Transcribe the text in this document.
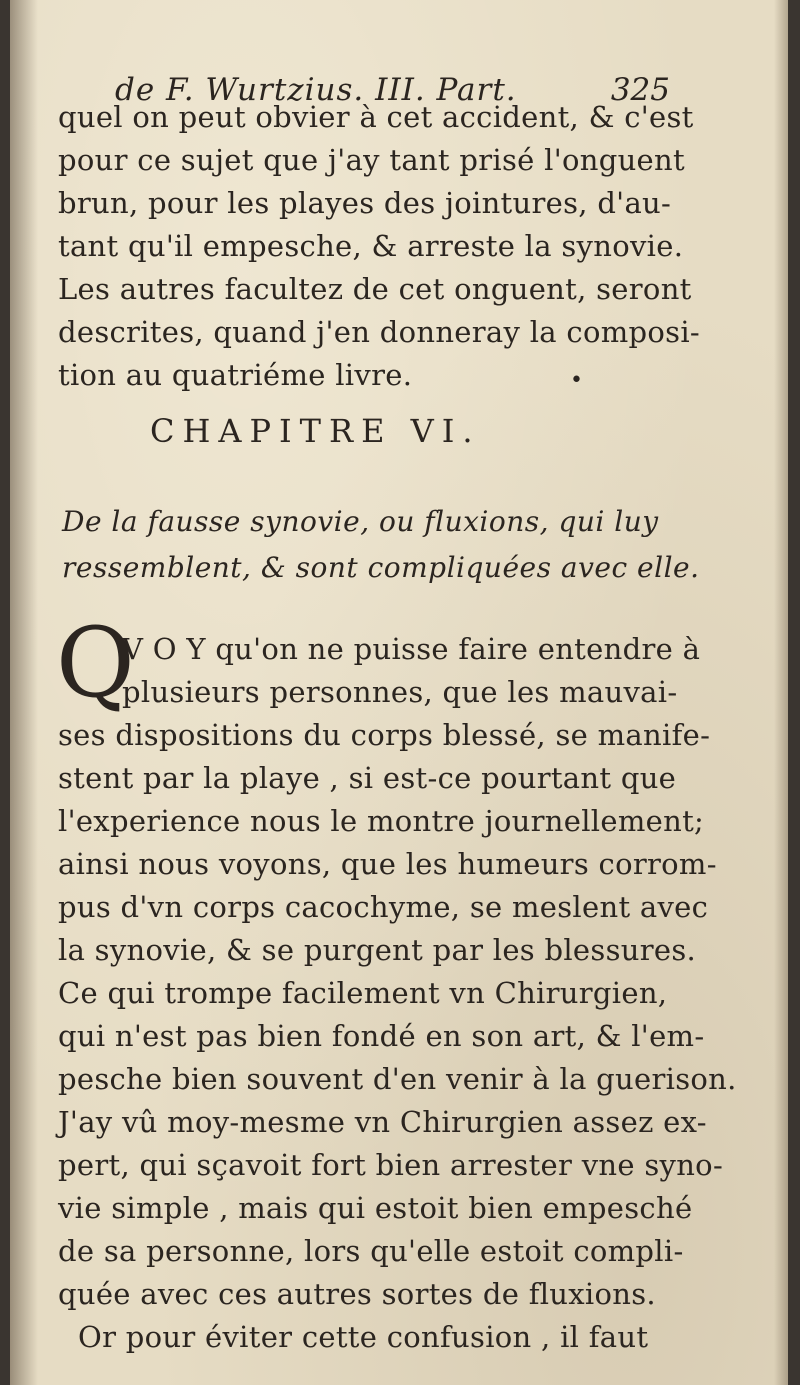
de F. Wurtzius. III. Part.	325
quel on peut obvier à cet accident, & c'est
pour ce sujet que j'ay tant prisé l'onguent
brun, pour les playes des jointures, d'au-
tant qu'il empesche, & arreste la synovie.
Les autres facultez de cet onguent, seront
descrites, quand j'en donneray la composi-
tion au quatriéme livre.	•
CHAPITRE VI.
De la fausse synovie, ou fluxions, qui luy
ressemblent, & sont compliquées avec elle.
Q
V O Y qu'on ne puisse faire entendre à
plusieurs personnes, que les mauvai-
ses dispositions du corps blessé, se manife-
stent par la playe , si est-ce pourtant que
l'experience nous le montre journellement;
ainsi nous voyons, que les humeurs corrom-
pus d'vn corps cacochyme, se meslent avec
la synovie, & se purgent par les blessures.
Ce qui trompe facilement vn Chirurgien,
qui n'est pas bien fondé en son art, & l'em-
pesche bien souvent d'en venir à la guerison.
J'ay vû moy-mesme vn Chirurgien assez ex-
pert, qui sçavoit fort bien arrester vne syno-
vie simple , mais qui estoit bien empesché
de sa personne, lors qu'elle estoit compli-
quée avec ces autres sortes de fluxions.
Or pour éviter cette confusion , il faut
